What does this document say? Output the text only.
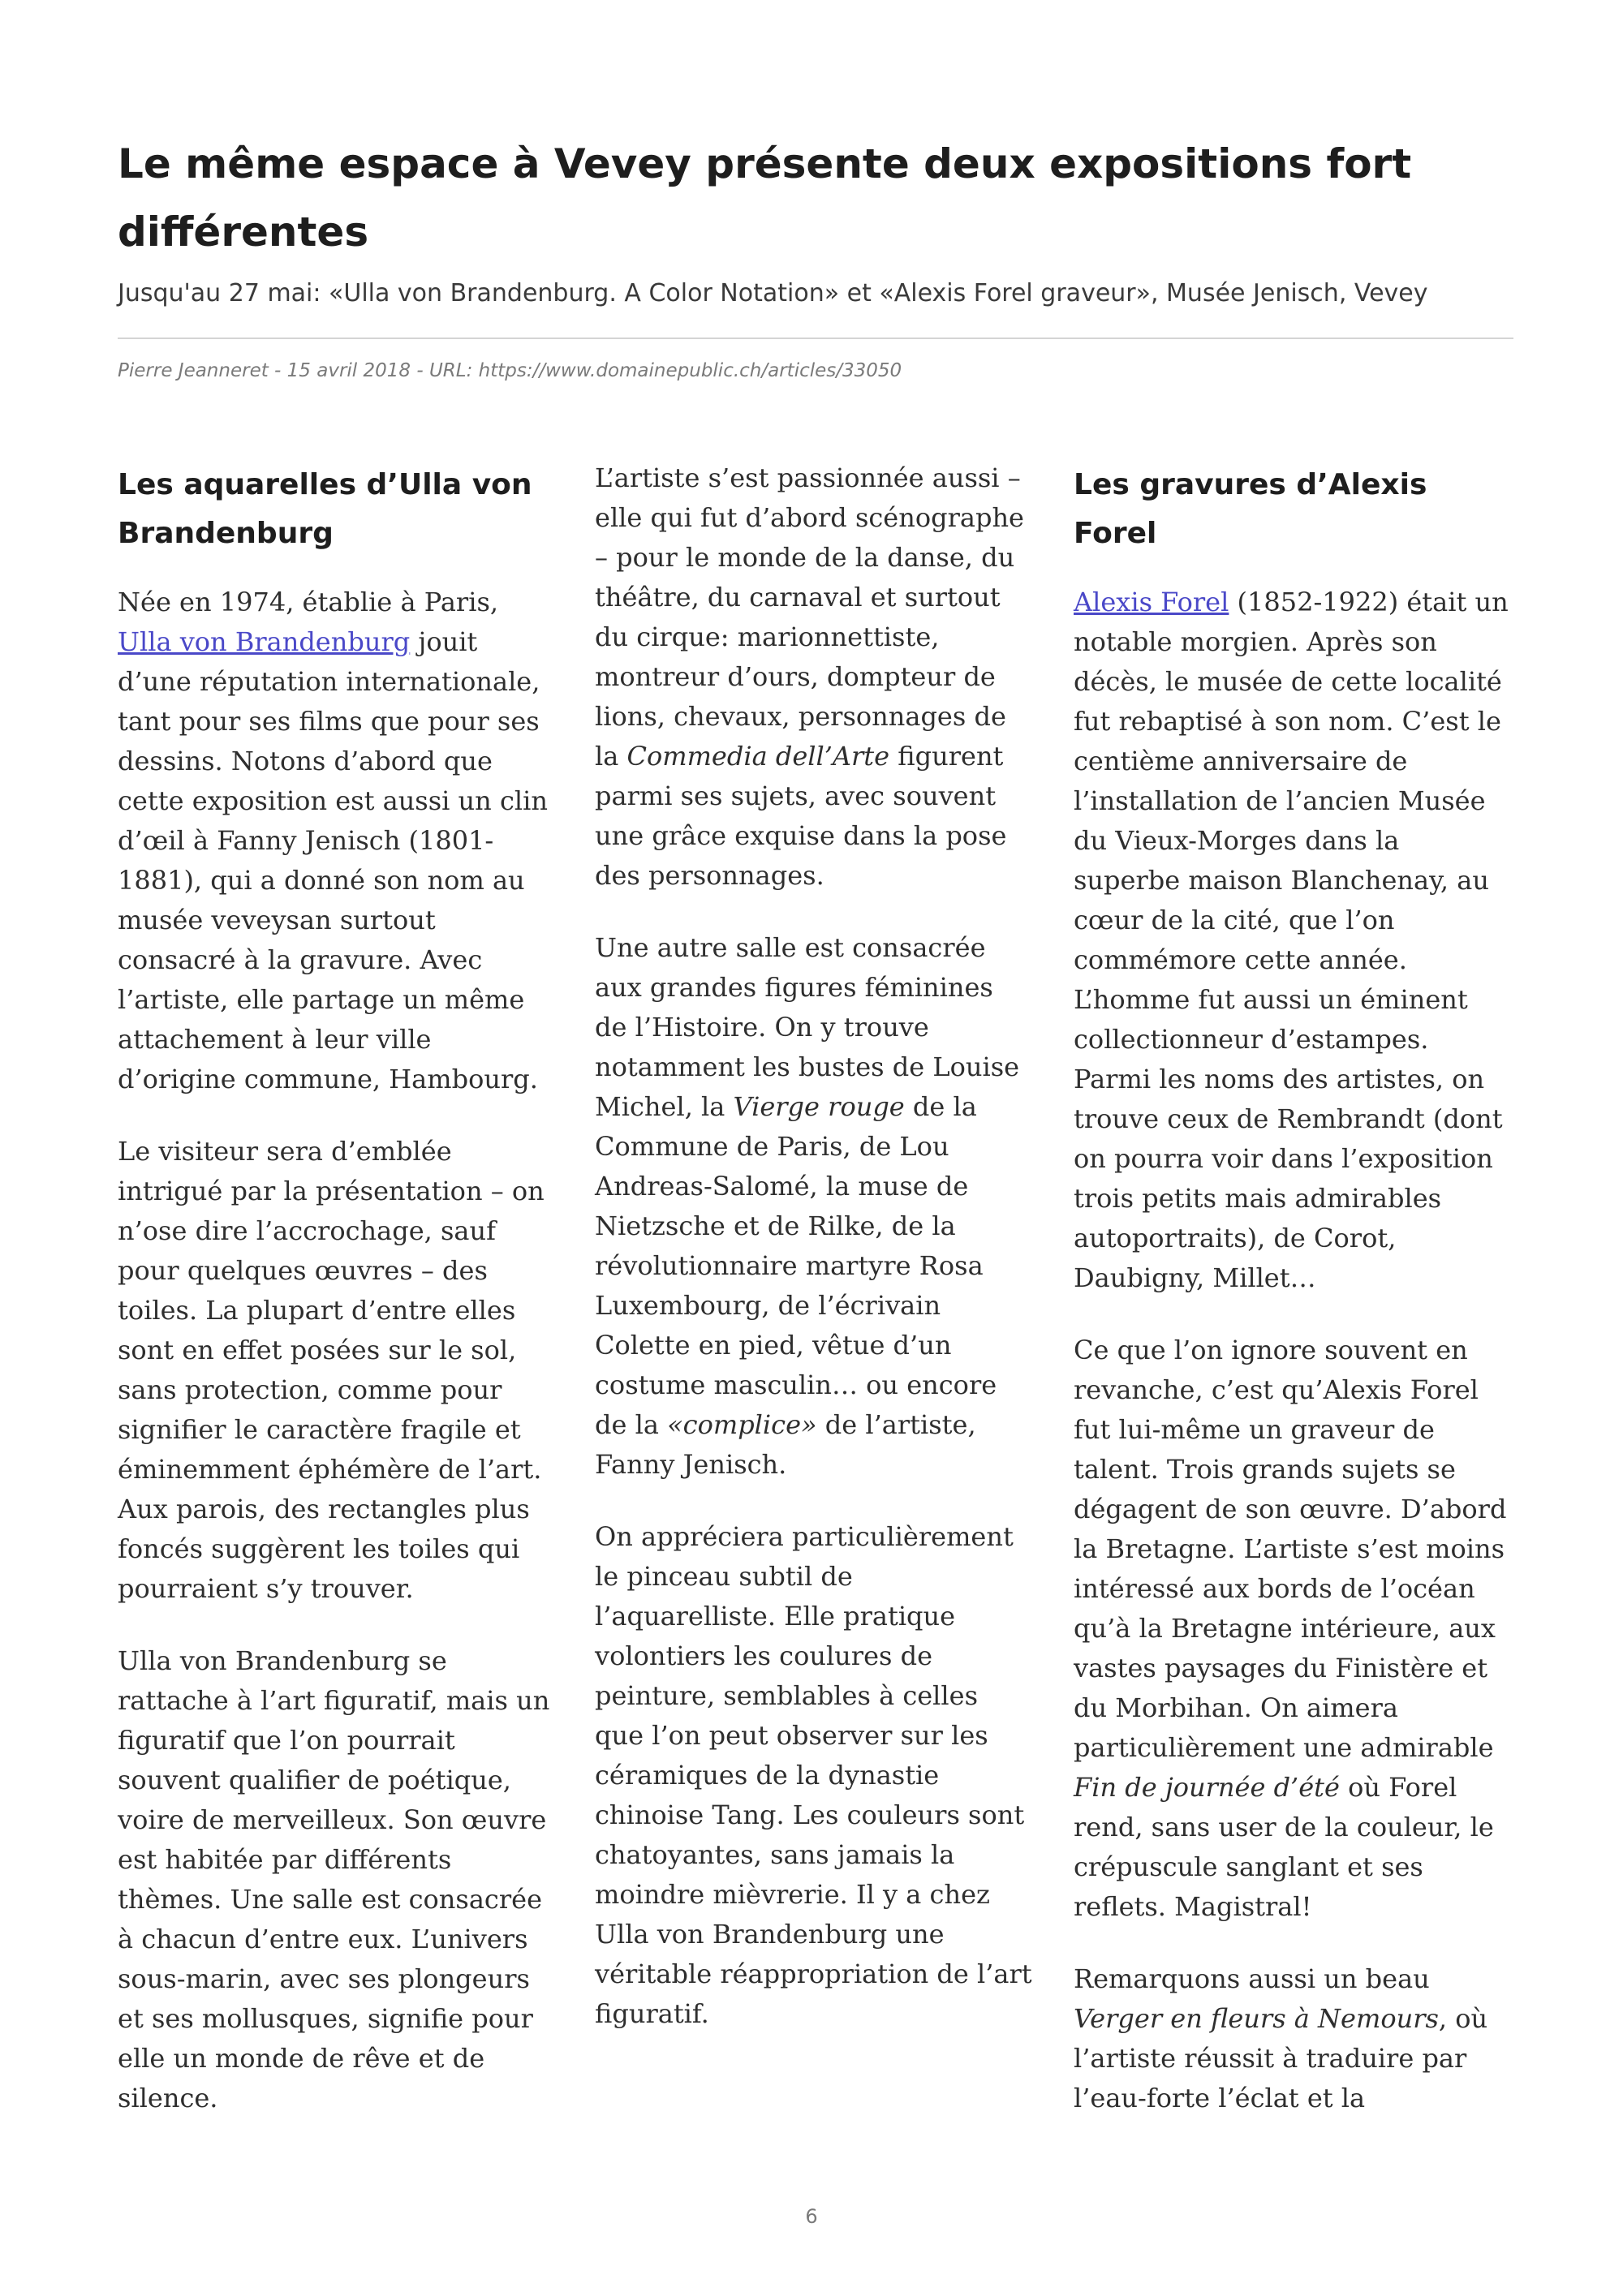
Le même espace à Vevey présente deux expositions fort différentes

Jusqu'au 27 mai: «Ulla von Brandenburg. A Color Notation» et «Alexis Forel graveur», Musée Jenisch, Vevey

Pierre Jeanneret - 15 avril 2018 - URL: https://www.domainepublic.ch/articles/33050
Les aquarelles d’Ulla von Brandenburg

Née en 1974, établie à Paris, Ulla von Brandenburg jouit d’une réputation internationale, tant pour ses films que pour ses dessins. Notons d’abord que cette exposition est aussi un clin d’œil à Fanny Jenisch (1801-1881), qui a donné son nom au musée veveysan surtout consacré à la gravure. Avec l’artiste, elle partage un même attachement à leur ville d’origine commune, Hambourg.

Le visiteur sera d’emblée intrigué par la présentation – on n’ose dire l’accrochage, sauf pour quelques œuvres – des toiles. La plupart d’entre elles sont en effet posées sur le sol, sans protection, comme pour signifier le caractère fragile et éminemment éphémère de l’art. Aux parois, des rectangles plus foncés suggèrent les toiles qui pourraient s’y trouver.

Ulla von Brandenburg se rattache à l’art figuratif, mais un figuratif que l’on pourrait souvent qualifier de poétique, voire de merveilleux. Son œuvre est habitée par différents thèmes. Une salle est consacrée à chacun d’entre eux. L’univers sous-marin, avec ses plongeurs et ses mollusques, signifie pour elle un monde de rêve et de silence.

L’artiste s’est passionnée aussi – elle qui fut d’abord scénographe – pour le monde de la danse, du théâtre, du carnaval et surtout du cirque: marionnettiste, montreur d’ours, dompteur de lions, chevaux, personnages de la Commedia dell’Arte figurent parmi ses sujets, avec souvent une grâce exquise dans la pose des personnages.

Une autre salle est consacrée aux grandes figures féminines de l’Histoire. On y trouve notamment les bustes de Louise Michel, la Vierge rouge de la Commune de Paris, de Lou Andreas-Salomé, la muse de Nietzsche et de Rilke, de la révolutionnaire martyre Rosa Luxembourg, de l’écrivain Colette en pied, vêtue d’un costume masculin… ou encore de la «complice» de l’artiste, Fanny Jenisch.

On appréciera particulièrement le pinceau subtil de l’aquarelliste. Elle pratique volontiers les coulures de peinture, semblables à celles que l’on peut observer sur les céramiques de la dynastie chinoise Tang. Les couleurs sont chatoyantes, sans jamais la moindre mièvrerie. Il y a chez Ulla von Brandenburg une véritable réappropriation de l’art figuratif.

Les gravures d’Alexis Forel

Alexis Forel (1852-1922) était un notable morgien. Après son décès, le musée de cette localité fut rebaptisé à son nom. C’est le centième anniversaire de l’installation de l’ancien Musée du Vieux-Morges dans la superbe maison Blanchenay, au cœur de la cité, que l’on commémore cette année. L’homme fut aussi un éminent collectionneur d’estampes. Parmi les noms des artistes, on trouve ceux de Rembrandt (dont on pourra voir dans l’exposition trois petits mais admirables autoportraits), de Corot, Daubigny, Millet…

Ce que l’on ignore souvent en revanche, c’est qu’Alexis Forel fut lui-même un graveur de talent. Trois grands sujets se dégagent de son œuvre. D’abord la Bretagne. L’artiste s’est moins intéressé aux bords de l’océan qu’à la Bretagne intérieure, aux vastes paysages du Finistère et du Morbihan. On aimera particulièrement une admirable Fin de journée d’été où Forel rend, sans user de la couleur, le crépuscule sanglant et ses reflets. Magistral!

Remarquons aussi un beau Verger en fleurs à Nemours, où l’artiste réussit à traduire par l’eau-forte l’éclat et la

6
